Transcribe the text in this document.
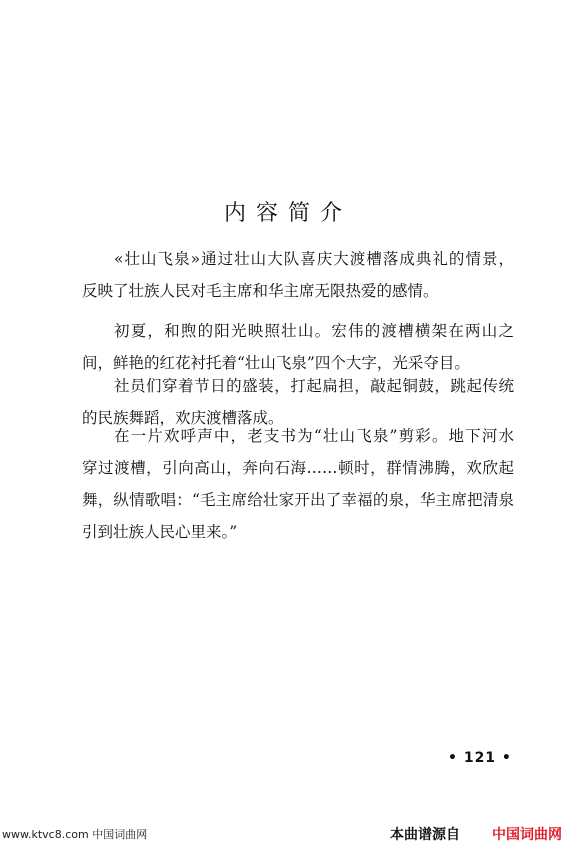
内容简介

«壮山飞泉»通过壮山大队喜庆大渡槽落成典礼的情景，
反映了壮族人民对毛主席和华主席无限热爱的感情。

初夏，和煦的阳光映照壮山。宏伟的渡槽横架在两山之
间，鲜艳的红花衬托着“壮山飞泉”四个大字，光采夺目。

社员们穿着节日的盛装，打起扁担，敲起铜鼓，跳起传统
的民族舞蹈，欢庆渡槽落成。

在一片欢呼声中，老支书为“壮山飞泉”剪彩。地下河水
穿过渡槽，引向高山，奔向石海……顿时，群情沸腾，欢欣起
舞，纵情歌唱：“毛主席给壮家开出了幸福的泉，华主席把清泉
引到壮族人民心里来。”

• 121 •
www.ktvc8.com 中国词曲网	本曲谱源自 中国词曲网
